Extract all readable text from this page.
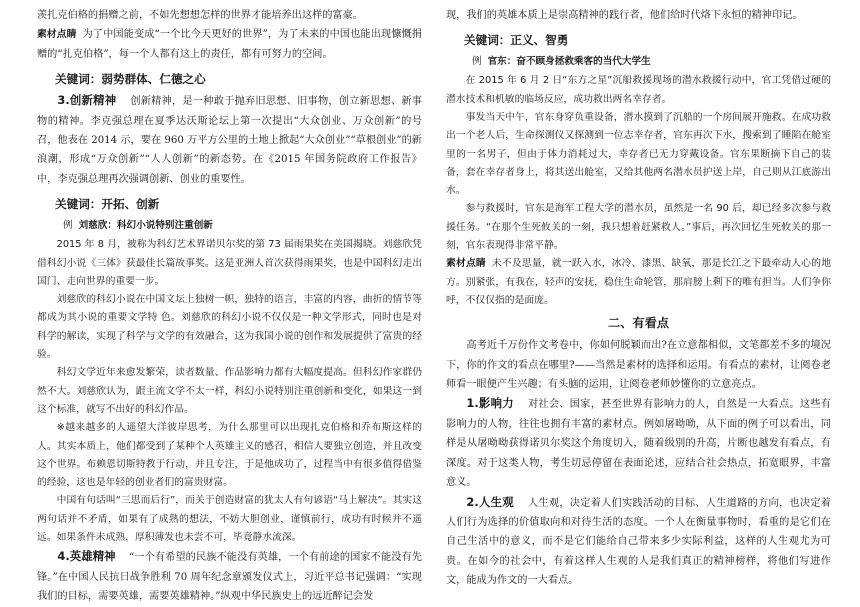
羡扎克伯格的捐赠之前，不如先想想怎样的世界才能培养出这样的富豪。

素材点睛 为了中国能变成“一个比今天更好的世界”，为了未来的中国也能出现慷慨捐赠的“扎克伯格”，每一个人都有这上的责任，都有可努力的空间。

关键词：弱势群体、仁德之心

3.创新精神 创新精神，是一种敢于抛弃旧思想、旧事物，创立新思想、新事物的精神。李克强总理在夏季达沃斯论坛上第一次提出“大众创业、万众创新”的号召，他表在 2014 示，要在 960 万平方公里的土地上掀起“大众创业”“草根创业”的新浪潮，形成“万众创新”“人人创新”的新态势。在《2015 年国务院政府工作报告》中，李克强总理再次强调创新、创业的重要性。

关键词：开拓、创新
例 刘慈欣：科幻小说特别注重创新

2015 年 8 月，被称为科幻艺术界诺贝尔奖的第 73 届雨果奖在美国揭晓。刘慈欣凭借科幻小说《三体》获最佳长篇故事奖。这是亚洲人首次获得雨果奖，也是中国科幻走出国门、走向世界的重要一步。

刘慈欣的科幻小说在中国文坛上独树一帜，独特的语言，丰富的内容，曲折的情节等都成为其小说的重要文学特 色。刘慈欣的科幻小说不仅仅是一种文学形式，同时也是对科学的解读，实现了科学与文学的有效融合，这为我国小说的创作和发展提供了富贵的经验。

科幻文学近年来愈发繁荣，读者数量、作品影响力都有大幅度提高。但科幻作家群仍然不大。刘慈欣认为，跟主流文学不太一样，科幻小说特别注重创新和变化，如果这一到这个标准，就写不出好的科幻作品。

※越来越多的人遥望大洋彼岸思考，为什么那里可以出现扎克伯格和乔布斯这样的人。其实本质上，他们都受到了某种个人英雄主义的感召，相信人要独立创造，并且改变这个世界。布赖恩切斯特教于行动，并且专注，于是他成功了，过程当中有很多值得借鉴的经验，这也是年轻的创业者们的富贵财富。

中国有句话叫“三思而后行”，而关于创造财富的犹太人有句谚语“马上解决”。其实这两句话并不矛盾，如果有了成熟的想法，不妨大胆创业，谨慎前行，成功有时候并不遥远。如果条件未成熟，厚积薄发也未尝不可，毕竟静水流深。

4.英雄精神 “一个有希望的民族不能没有英雄，一个有前途的国家不能没有先锋。”在中国人民抗日战争胜利 70 周年纪念章颁发仪式上，习近平总书记强调：“实现我们的目标，需要英雄，需要英雄精神。”纵观中华民族史上的远近醉记会发

现，我们的英雄本质上是崇高精神的践行者，他们给时代烙下永恒的精神印记。

关键词：正义、智勇
例 官东：奋不顾身拯救乘客的当代大学生

在 2015 年 6 月 2 日“东方之星”沉船救援现场的潜水救援行动中，官工凭借过硬的潜水技术和机敏的临场反应，成功救出两名幸存者。

事发当天中午，官东身穿负重设备，潜水摸到了沉船的一个房间展开施救。在成功救出一个老人后，生命探测仪又探测到一位志幸存者，官东再次下水，搜索到了睡陷在舱室里的一名男子，但由于体力消耗过大，幸存者已无力穿戴设备。官东果断摘下自己的装备，套在幸存者身上，将其送出舱室，又给其他两名潜水员护送上岸，自己则从江底游出水。

参与救援时，官东是海军工程大学的潜水员，虽然是一名 90 后，却已经多次参与救援任务。“在那个生死攸关的一刻，我只想着赶紧救人。”事后，再次回忆生死攸关的那一刻，官东表现得非常平静。

素材点睛 未不及思量，就一跃入水，冰冷、漆黑、缺氧，那是长江之下最牵动人心的地方。别紧张，有我在，轻声的安抚，稳住生命轮管，那肩膀上剩下的唯有担当。人们争你呼，不仅仅指的是面庞。

二、有看点

高考近千万份作文考卷中，你如何脱颖而出?在立意都相似，文笔都差不多的境况下，你的作文的看点在哪里?——当然是素材的选择和运用。有看点的素材，让阅卷老师看一眼便产生兴趣；有头脑的运用，让阅卷老师妙懂你的立意亮点。

1.影响力 对社会、国家，甚至世界有影响力的人，自然是一大看点。这些有影响力的人物，往往也拥有丰富的素材点。例如屠呦呦，从下面的例子可以看出，同样是从屠呦呦获得诺贝尔奖这个角度切入，随着级别的升高，片断也越发有看点，有深度。对于这类人物，考生切忌停留在表面论述，应结合社会热点，拓宽眼界，丰富意义。

2.人生观 人生观，决定着人们实践活动的目标、人生道路的方向，也决定着人们行为选择的价值取向和对待生活的态度。一个人在衡量事物时，看重的是它们在自己生活中的意义，而不是它们能给自己带来多少实际利益，这样的人生观尤为可贵。在如今的社会中，有着这样人生观的人是我们真正的精神榜样，将他们写进作文，能成为作文的一大看点。
